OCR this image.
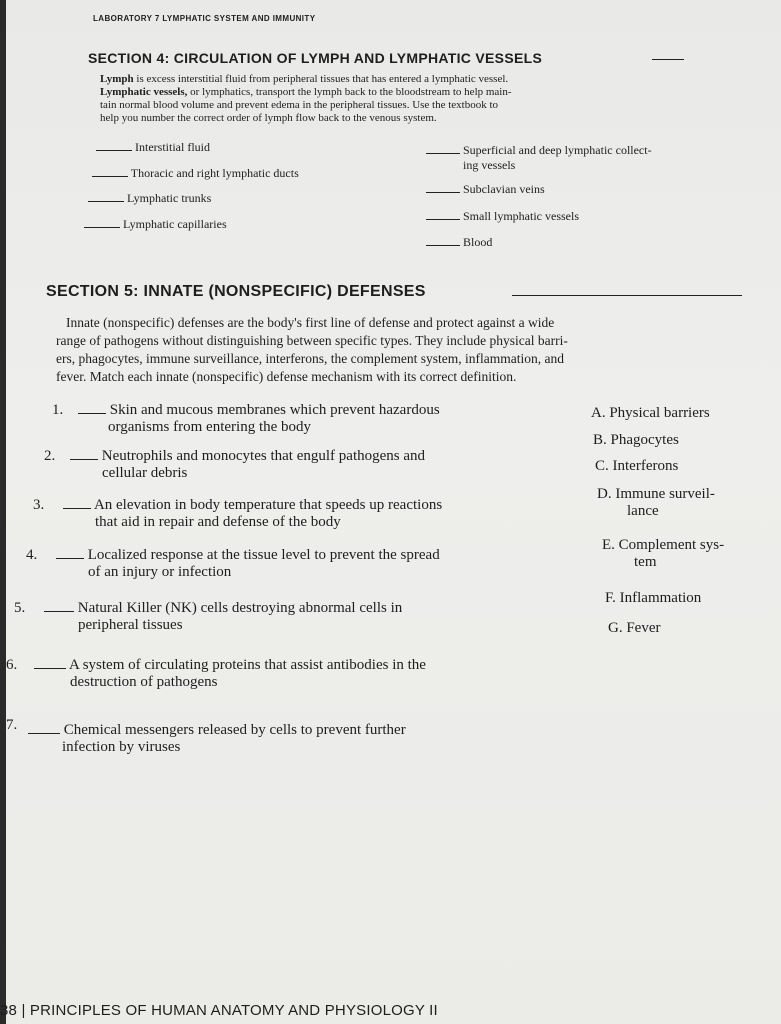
LABORATORY 7 LYMPHATIC SYSTEM AND IMMUNITY
SECTION 4: CIRCULATION OF LYMPH AND LYMPHATIC VESSELS
Lymph is excess interstitial fluid from peripheral tissues that has entered a lymphatic vessel.
Lymphatic vessels, or lymphatics, transport the lymph back to the bloodstream to help main-
tain normal blood volume and prevent edema in the peripheral tissues. Use the textbook to
help you number the correct order of lymph flow back to the venous system.
Interstitial fluid
Thoracic and right lymphatic ducts
Lymphatic trunks
Lymphatic capillaries
Superficial and deep lymphatic collect-
ing vessels
Subclavian veins
Small lymphatic vessels
Blood
SECTION 5: INNATE (NONSPECIFIC) DEFENSES
Innate (nonspecific) defenses are the body's first line of defense and protect against a wide
range of pathogens without distinguishing between specific types. They include physical barri-
ers, phagocytes, immune surveillance, interferons, the complement system, inflammation, and
fever. Match each innate (nonspecific) defense mechanism with its correct definition.
1.	Skin and mucous membranes which prevent hazardous
organisms from entering the body
2.	Neutrophils and monocytes that engulf pathogens and
cellular debris
3.	An elevation in body temperature that speeds up reactions
that aid in repair and defense of the body
4.	Localized response at the tissue level to prevent the spread
of an injury or infection
5.	Natural Killer (NK) cells destroying abnormal cells in
peripheral tissues
6.	A system of circulating proteins that assist antibodies in the
destruction of pathogens
7.	Chemical messengers released by cells to prevent further
infection by viruses
A. Physical barriers
B. Phagocytes
C. Interferons
D. Immune surveil-
lance
E. Complement sys-
tem
F. Inflammation
G. Fever
38 | PRINCIPLES OF HUMAN ANATOMY AND PHYSIOLOGY II
